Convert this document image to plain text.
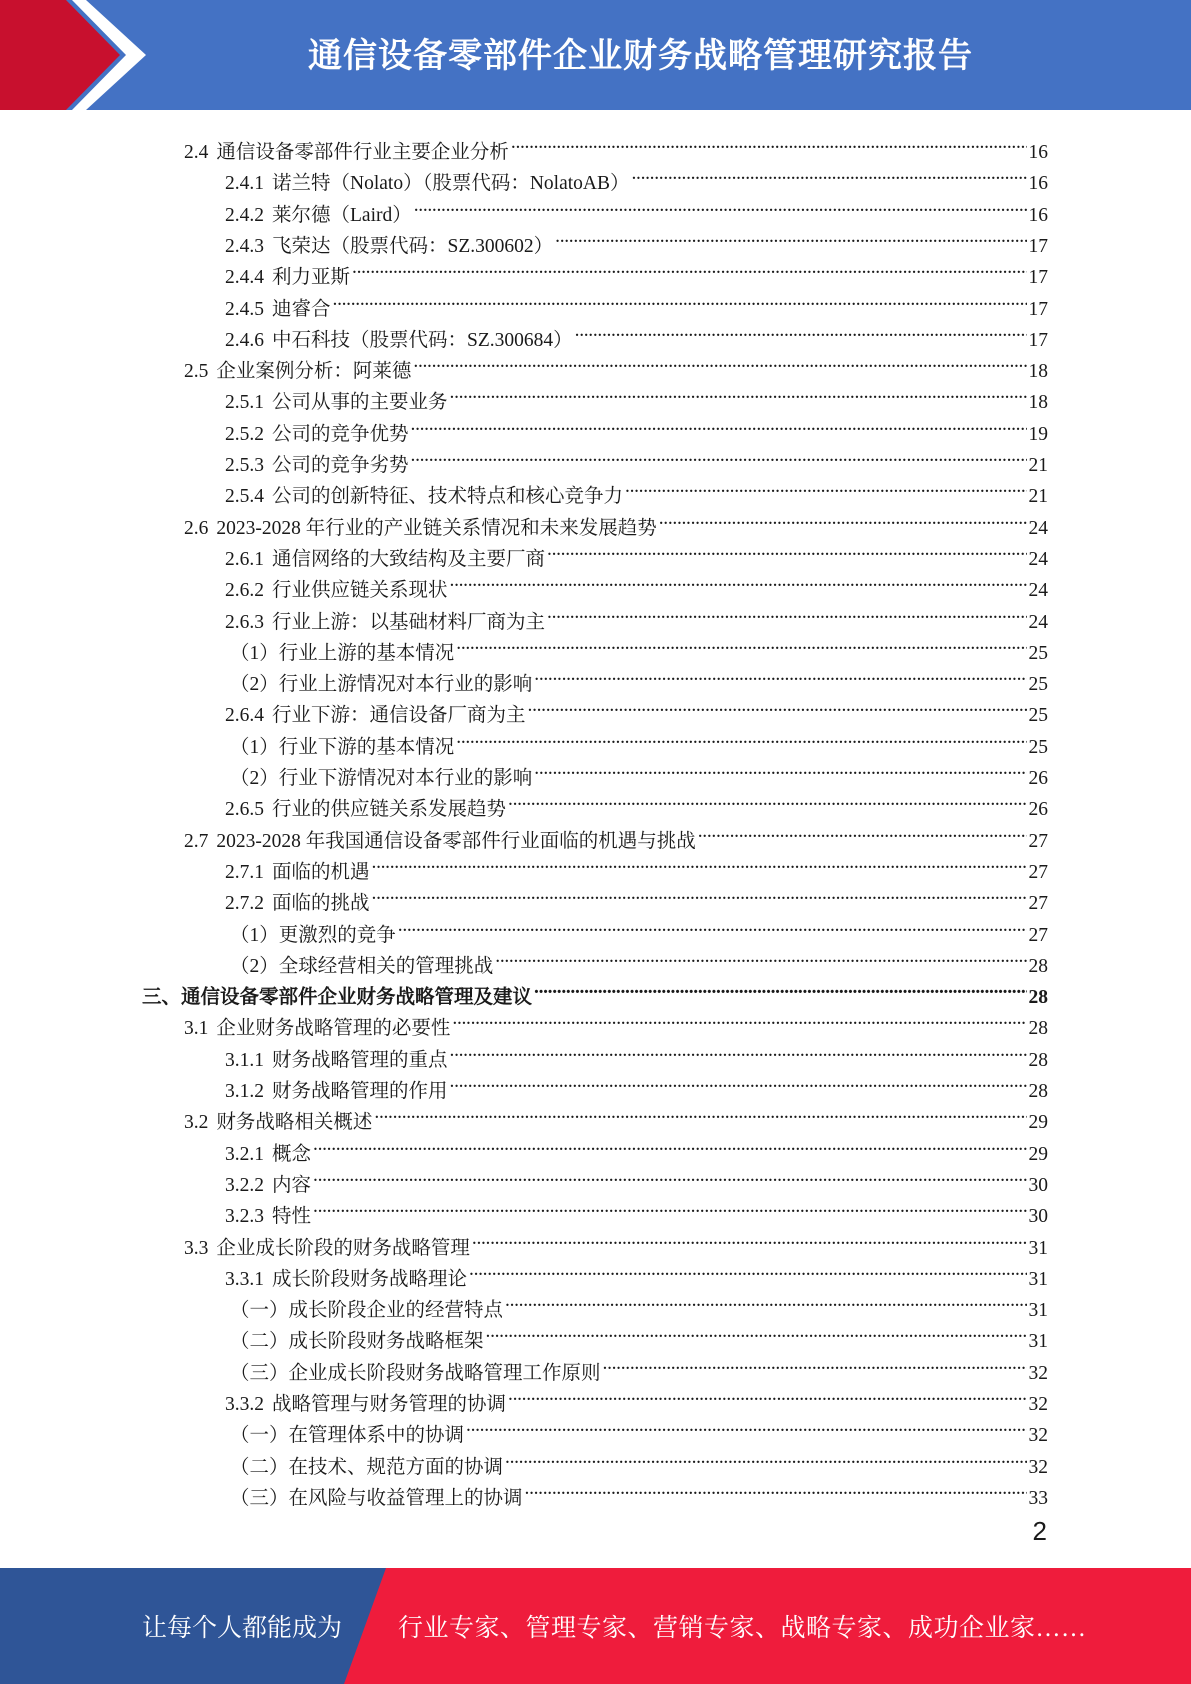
通信设备零部件企业财务战略管理研究报告
2.4 通信设备零部件行业主要企业分析 . . .	16
2.4.1 诺兰特（Nolato）（股票代码：NolatoAB） . . .	16
2.4.2 莱尔德（Laird） . . .	16
2.4.3 飞荣达（股票代码：SZ.300602） . . .	17
2.4.4 利力亚斯 . . .	17
2.4.5 迪睿合 . . .	17
2.4.6 中石科技（股票代码：SZ.300684） . . .	17
2.5 企业案例分析：阿莱德 . . .	18
2.5.1 公司从事的主要业务 . . .	18
2.5.2 公司的竞争优势 . . .	19
2.5.3 公司的竞争劣势 . . .	21
2.5.4 公司的创新特征、技术特点和核心竞争力 . . .	21
2.6 2023-2028 年行业的产业链关系情况和未来发展趋势 . . .	24
2.6.1 通信网络的大致结构及主要厂商 . . .	24
2.6.2 行业供应链关系现状 . . .	24
2.6.3 行业上游：以基础材料厂商为主 . . .	24
（1）行业上游的基本情况 . . .	25
（2）行业上游情况对本行业的影响 . . .	25
2.6.4 行业下游：通信设备厂商为主 . . .	25
（1）行业下游的基本情况 . . .	25
（2）行业下游情况对本行业的影响 . . .	26
2.6.5 行业的供应链关系发展趋势 . . .	26
2.7 2023-2028 年我国通信设备零部件行业面临的机遇与挑战 . . .	27
2.7.1 面临的机遇 . . .	27
2.7.2 面临的挑战 . . .	27
（1）更激烈的竞争 . . .	27
（2）全球经营相关的管理挑战 . . .	28
三、通信设备零部件企业财务战略管理及建议 . . .	28
3.1 企业财务战略管理的必要性 . . .	28
3.1.1 财务战略管理的重点 . . .	28
3.1.2 财务战略管理的作用 . . .	28
3.2 财务战略相关概述 . . .	29
3.2.1 概念 . . .	29
3.2.2 内容 . . .	30
3.2.3 特性 . . .	30
3.3 企业成长阶段的财务战略管理 . . .	31
3.3.1 成长阶段财务战略理论 . . .	31
（一）成长阶段企业的经营特点 . . .	31
（二）成长阶段财务战略框架 . . .	31
（三）企业成长阶段财务战略管理工作原则 . . .	32
3.3.2 战略管理与财务管理的协调 . . .	32
（一）在管理体系中的协调 . . .	32
（二）在技术、规范方面的协调 . . .	32
（三）在风险与收益管理上的协调 . . .	33
2
让每个人都能成为 行业专家、管理专家、营销专家、战略专家、成功企业家……
